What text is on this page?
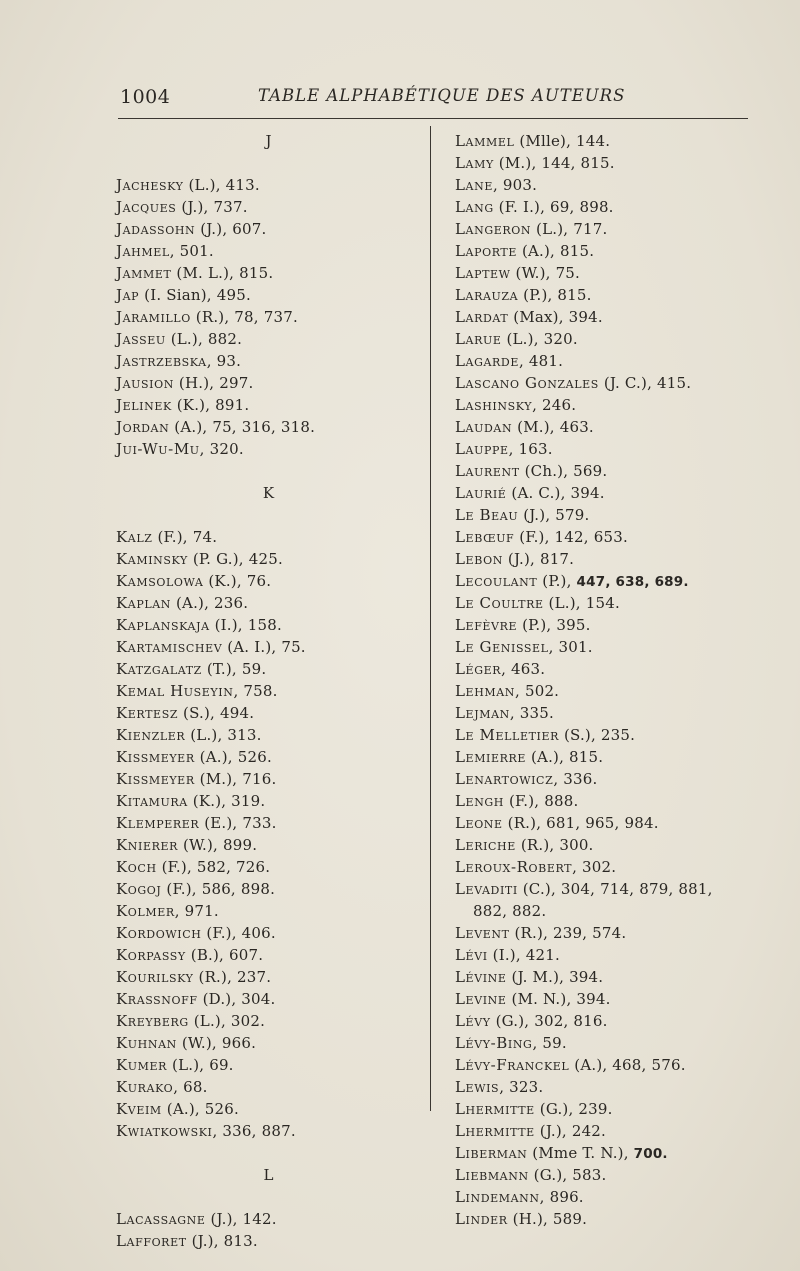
1004	TABLE ALPHABÉTIQUE DES AUTEURS
J
Jachesky (L.), 413.
Jacques (J.), 737.
Jadassohn (J.), 607.
Jahmel, 501.
Jammet (M. L.), 815.
Jap (I. Sian), 495.
Jaramillo (R.), 78, 737.
Jasseu (L.), 882.
Jastrzebska, 93.
Jausion (H.), 297.
Jelinek (K.), 891.
Jordan (A.), 75, 316, 318.
Jui-Wu-Mu, 320.
K
Kalz (F.), 74.
Kaminsky (P. G.), 425.
Kamsolowa (K.), 76.
Kaplan (A.), 236.
Kaplanskaja (I.), 158.
Kartamischev (A. I.), 75.
Katzgalatz (T.), 59.
Kemal Huseyin, 758.
Kertesz (S.), 494.
Kienzler (L.), 313.
Kissmeyer (A.), 526.
Kissmeyer (M.), 716.
Kitamura (K.), 319.
Klemperer (E.), 733.
Knierer (W.), 899.
Koch (F.), 582, 726.
Kogoj (F.), 586, 898.
Kolmer, 971.
Kordowich (F.), 406.
Korpassy (B.), 607.
Kourilsky (R.), 237.
Krassnoff (D.), 304.
Kreyberg (L.), 302.
Kuhnan (W.), 966.
Kumer (L.), 69.
Kurako, 68.
Kveim (A.), 526.
Kwiatkowski, 336, 887.
L
Lacassagne (J.), 142.
Lafforet (J.), 813.
Lammel (Mlle), 144.
Lamy (M.), 144, 815.
Lane, 903.
Lang (F. I.), 69, 898.
Langeron (L.), 717.
Laporte (A.), 815.
Laptew (W.), 75.
Larauza (P.), 815.
Lardat (Max), 394.
Larue (L.), 320.
Lagarde, 481.
Lascano Gonzales (J. C.), 415.
Lashinsky, 246.
Laudan (M.), 463.
Lauppe, 163.
Laurent (Ch.), 569.
Laurié (A. C.), 394.
Le Beau (J.), 579.
Lebœuf (F.), 142, 653.
Lebon (J.), 817.
Lecoulant (P.), 447, 638, 689.
Le Coultre (L.), 154.
Lefèvre (P.), 395.
Le Genissel, 301.
Léger, 463.
Lehman, 502.
Lejman, 335.
Le Melletier (S.), 235.
Lemierre (A.), 815.
Lenartowicz, 336.
Lengh (F.), 888.
Leone (R.), 681, 965, 984.
Leriche (R.), 300.
Leroux-Robert, 302.
Levaditi (C.), 304, 714, 879, 881,
882, 882.
Levent (R.), 239, 574.
Lévi (I.), 421.
Lévine (J. M.), 394.
Levine (M. N.), 394.
Lévy (G.), 302, 816.
Lévy-Bing, 59.
Lévy-Franckel (A.), 468, 576.
Lewis, 323.
Lhermitte (G.), 239.
Lhermitte (J.), 242.
Liberman (Mme T. N.), 700.
Liebmann (G.), 583.
Lindemann, 896.
Linder (H.), 589.
